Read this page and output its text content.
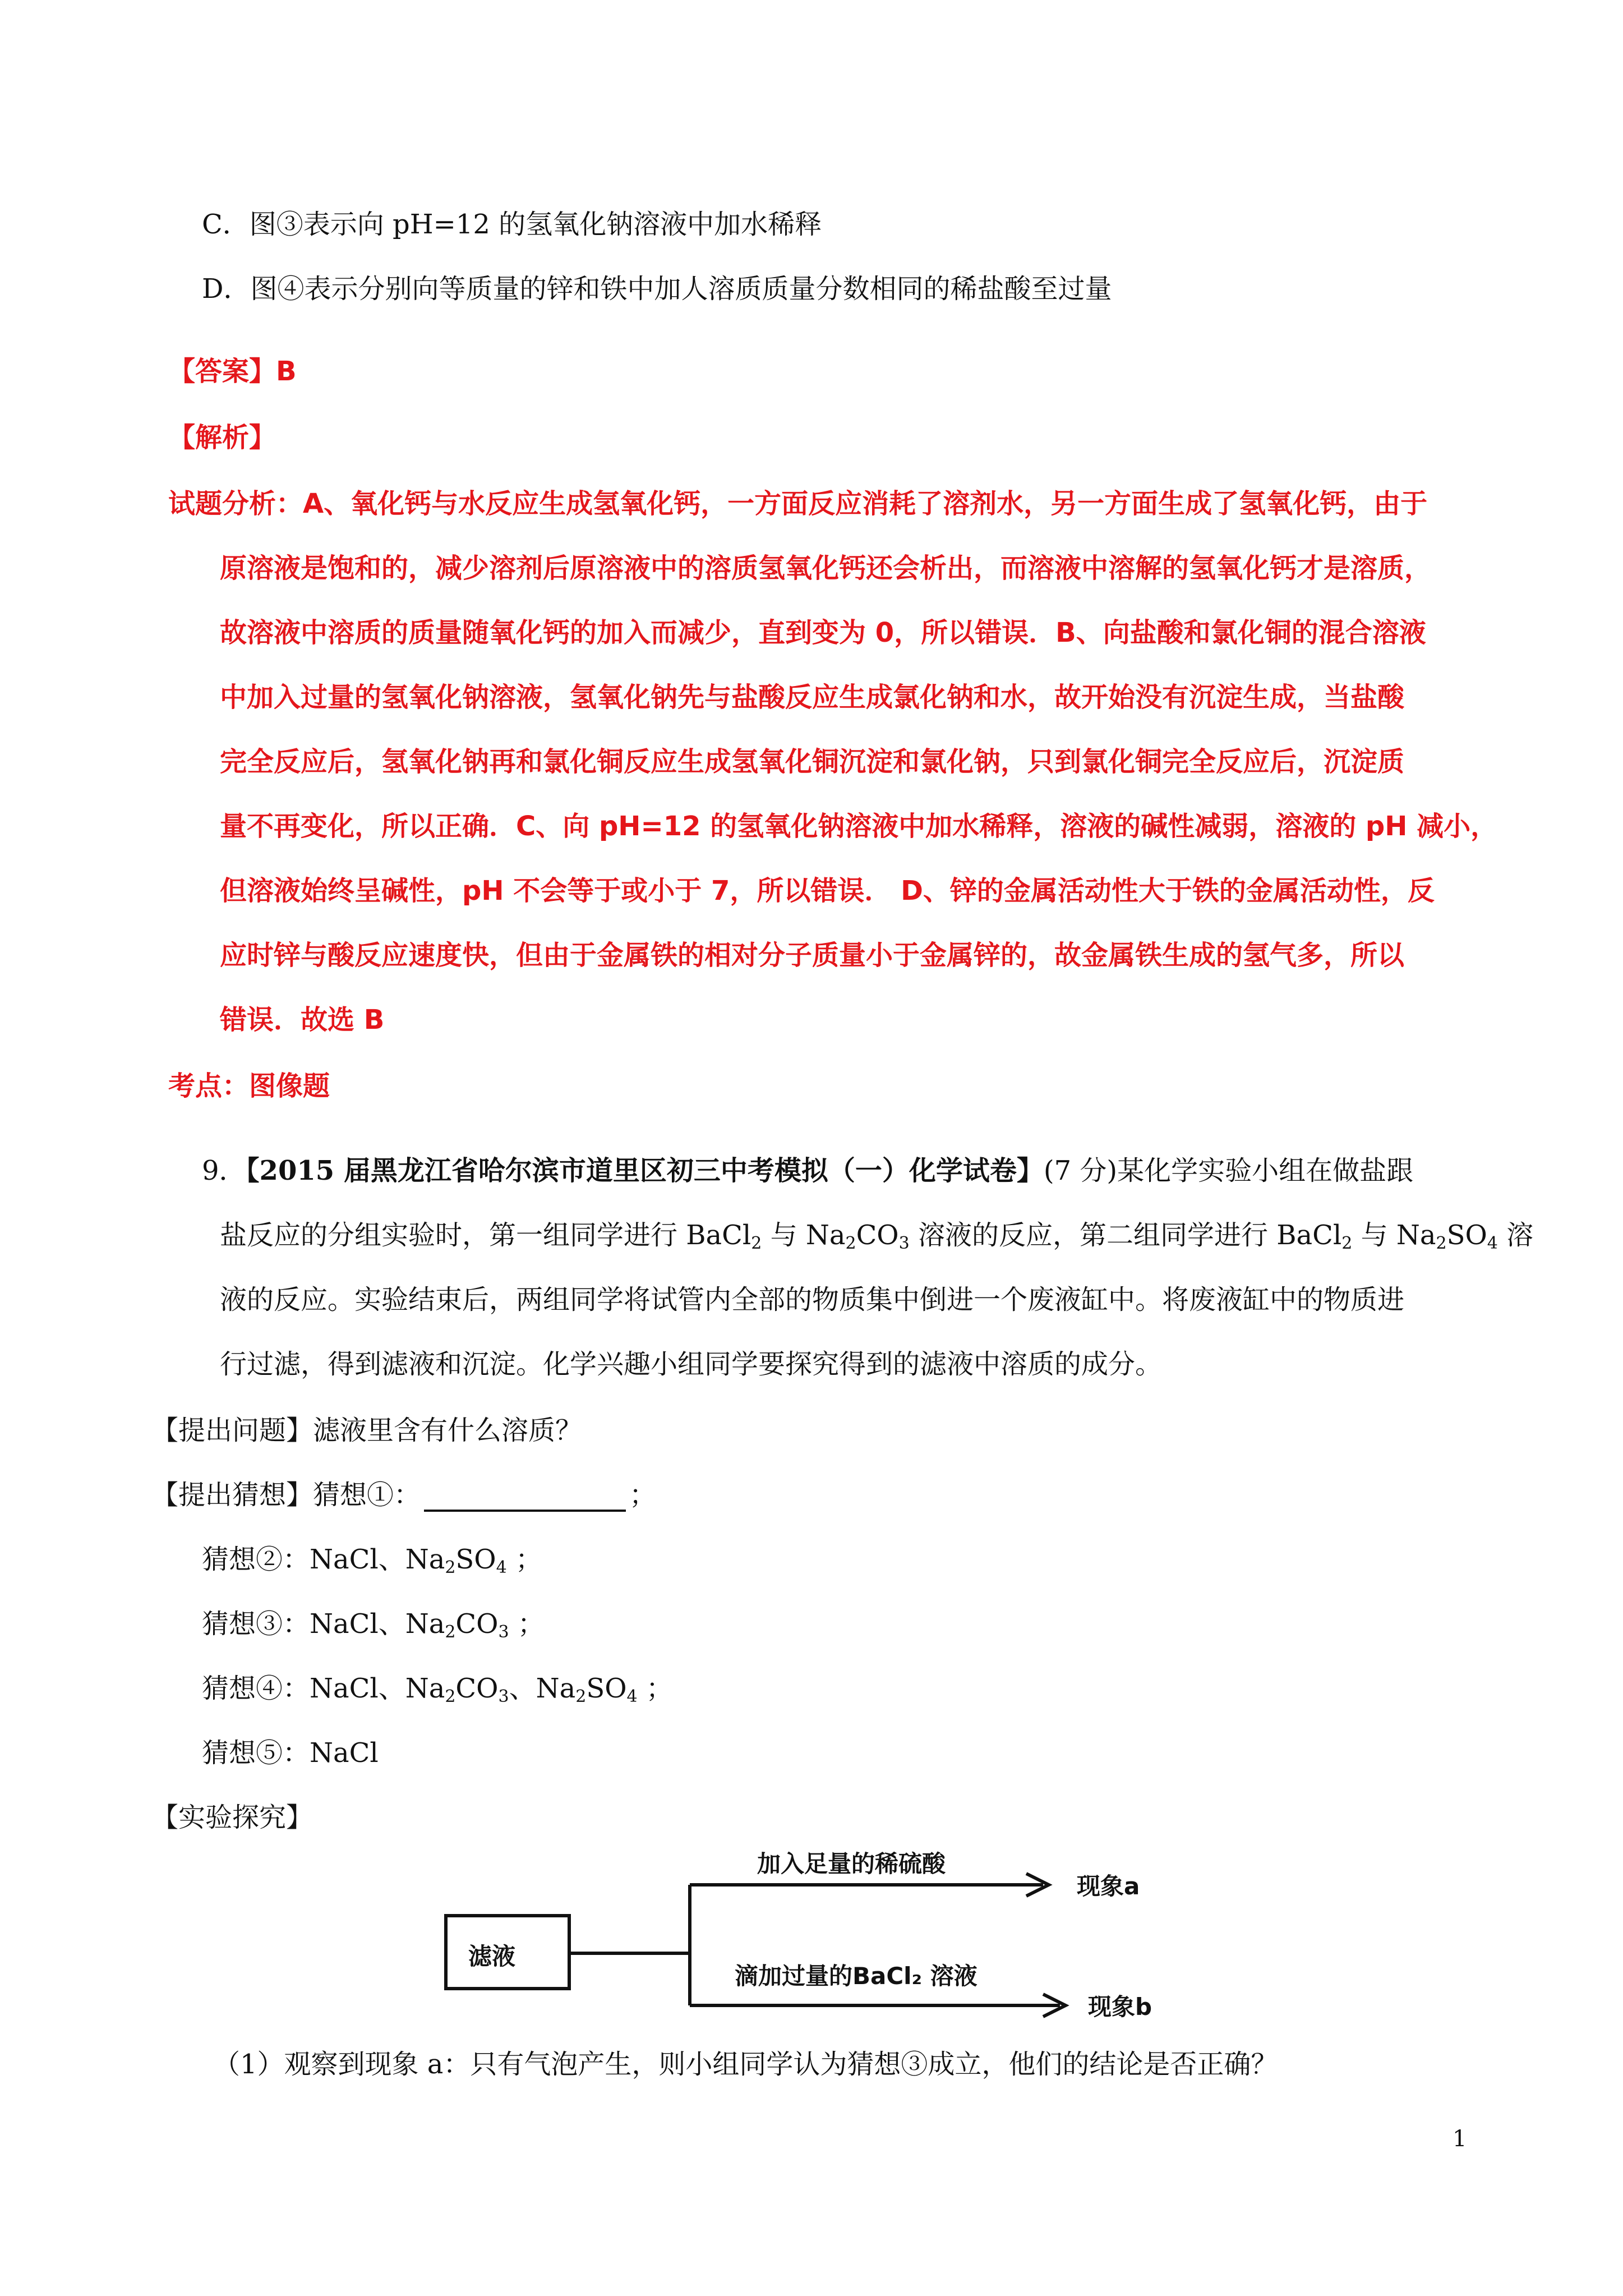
C．图③表示向 pH=12 的氢氧化钠溶液中加水稀释
D．图④表示分别向等质量的锌和铁中加人溶质质量分数相同的稀盐酸至过量
【答案】B
【解析】
试题分析：A、氧化钙与水反应生成氢氧化钙，一方面反应消耗了溶剂水，另一方面生成了氢氧化钙，由于
原溶液是饱和的，减少溶剂后原溶液中的溶质氢氧化钙还会析出，而溶液中溶解的氢氧化钙才是溶质，
故溶液中溶质的质量随氧化钙的加入而减少，直到变为 0，所以错误．B、向盐酸和氯化铜的混合溶液
中加入过量的氢氧化钠溶液，氢氧化钠先与盐酸反应生成氯化钠和水，故开始没有沉淀生成，当盐酸
完全反应后，氢氧化钠再和氯化铜反应生成氢氧化铜沉淀和氯化钠，只到氯化铜完全反应后，沉淀质
量不再变化，所以正确．C、向 pH=12 的氢氧化钠溶液中加水稀释，溶液的碱性减弱，溶液的 pH 减小，
但溶液始终呈碱性，pH 不会等于或小于 7，所以错误． D、锌的金属活动性大于铁的金属活动性，反
应时锌与酸反应速度快，但由于金属铁的相对分子质量小于金属锌的，故金属铁生成的氢气多，所以
错误．故选 B
考点：图像题
9．【2015 届黑龙江省哈尔滨市道里区初三中考模拟（一）化学试卷】(7 分)某化学实验小组在做盐跟
盐反应的分组实验时，第一组同学进行 BaCl$_2$ 与 $Na_2CO_3$ 溶液的反应，第二组同学进行 BaCl$_2$ 与 $Na_2SO_4$ 溶
液的反应。实验结束后，两组同学将试管内全部的物质集中倒进一个废液缸中。将废液缸中的物质进
行过滤，得到滤液和沉淀。化学兴趣小组同学要探究得到的滤液中溶质的成分。
【提出问题】滤液里含有什么溶质？
【提出猜想】猜想①：	；
猜想②：NaCl、$Na_2SO_4$ ；
猜想③：NaCl、$Na_2CO_3$ ；
猜想④：NaCl、$Na_2CO_3$、$Na_2SO_4$ ；
猜想⑤：NaCl
【实验探究】
滤液
加入足量的稀硫酸
现象a
滴加过量的BaCl₂ 溶液
现象b
（1）观察到现象 a：只有气泡产生，则小组同学认为猜想③成立，他们的结论是否正确？
1
